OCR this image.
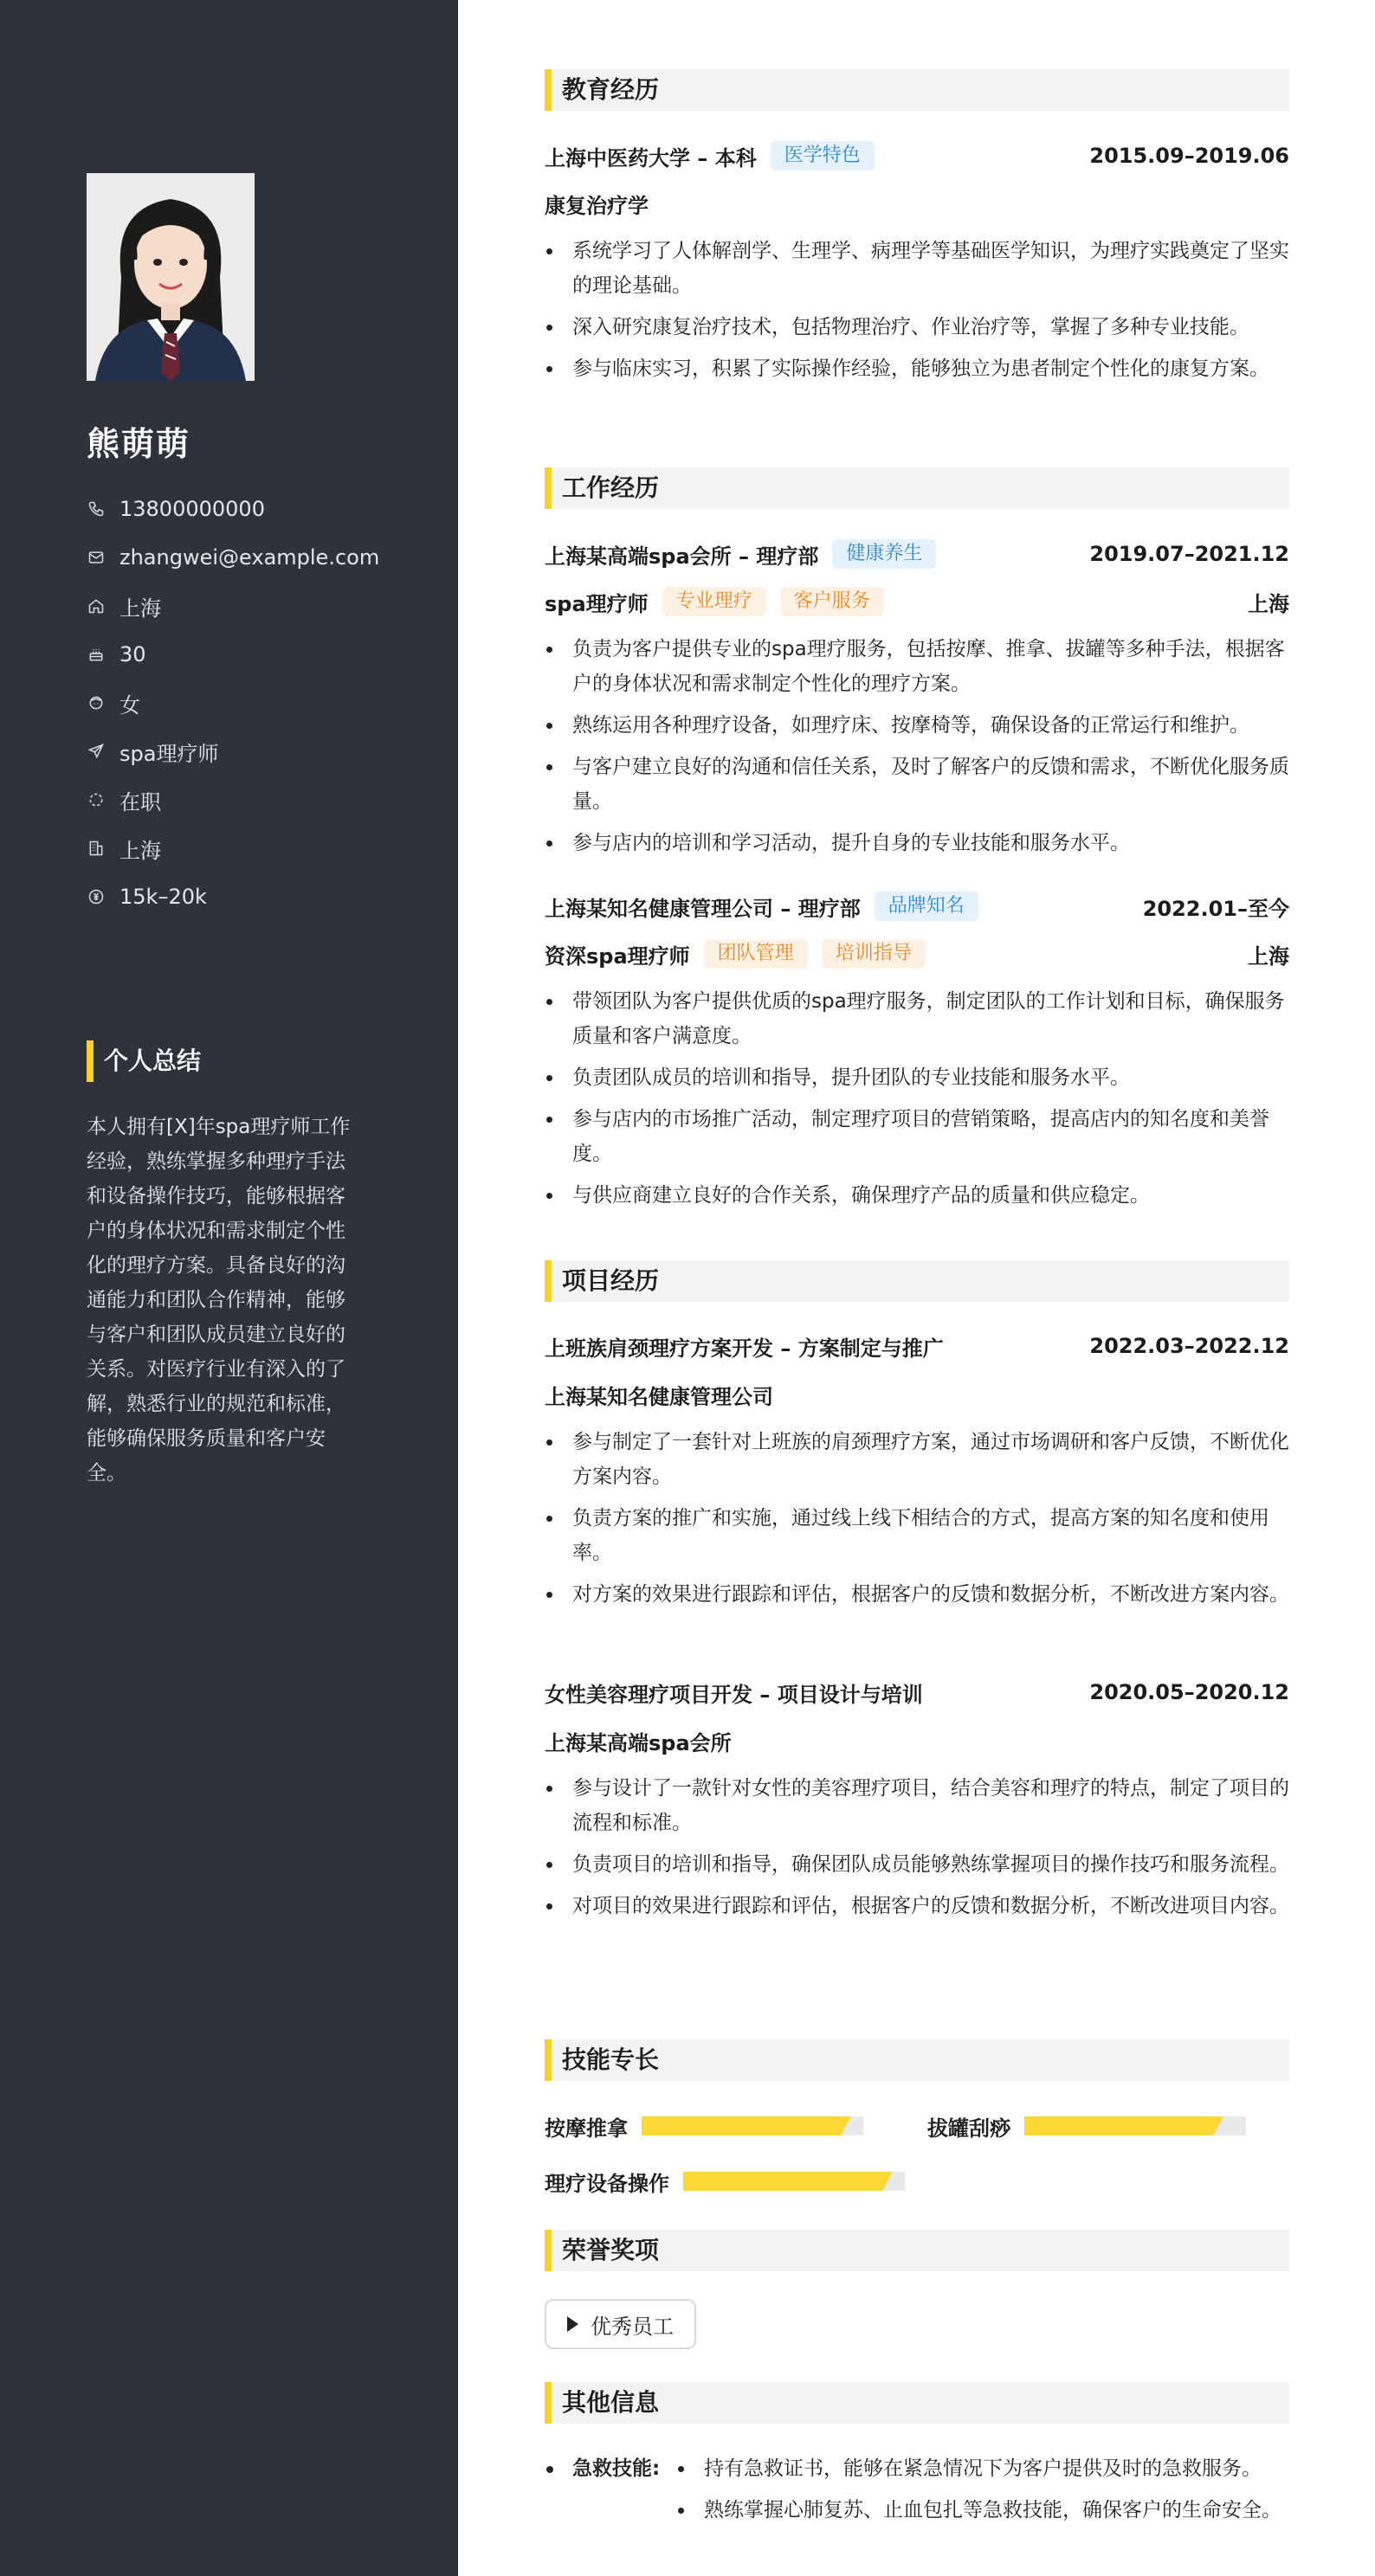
熊萌萌
13800000000
zhangwei@example.com
上海
30
女
spa理疗师
在职
上海
15k–20k
个人总结
本人拥有[X]年spa理疗师工作经验，熟练掌握多种理疗手法和设备操作技巧，能够根据客户的身体状况和需求制定个性化的理疗方案。具备良好的沟通能力和团队合作精神，能够与客户和团队成员建立良好的关系。对医疗行业有深入的了解，熟悉行业的规范和标准，能够确保服务质量和客户安全。
教育经历
上海中医药大学 – 本科	医学特色	2015.09–2019.06
康复治疗学
系统学习了人体解剖学、生理学、病理学等基础医学知识，为理疗实践奠定了坚实的理论基础。
深入研究康复治疗技术，包括物理治疗、作业治疗等，掌握了多种专业技能。
参与临床实习，积累了实际操作经验，能够独立为患者制定个性化的康复方案。
工作经历
上海某高端spa会所 – 理疗部	健康养生	2019.07–2021.12
spa理疗师	专业理疗	客户服务	上海
负责为客户提供专业的spa理疗服务，包括按摩、推拿、拔罐等多种手法，根据客户的身体状况和需求制定个性化的理疗方案。
熟练运用各种理疗设备，如理疗床、按摩椅等，确保设备的正常运行和维护。
与客户建立良好的沟通和信任关系，及时了解客户的反馈和需求，不断优化服务质量。
参与店内的培训和学习活动，提升自身的专业技能和服务水平。
上海某知名健康管理公司 – 理疗部	品牌知名	2022.01–至今
资深spa理疗师	团队管理	培训指导	上海
带领团队为客户提供优质的spa理疗服务，制定团队的工作计划和目标，确保服务质量和客户满意度。
负责团队成员的培训和指导，提升团队的专业技能和服务水平。
参与店内的市场推广活动，制定理疗项目的营销策略，提高店内的知名度和美誉度。
与供应商建立良好的合作关系，确保理疗产品的质量和供应稳定。
项目经历
上班族肩颈理疗方案开发 – 方案制定与推广	2022.03–2022.12
上海某知名健康管理公司
参与制定了一套针对上班族的肩颈理疗方案，通过市场调研和客户反馈，不断优化方案内容。
负责方案的推广和实施，通过线上线下相结合的方式，提高方案的知名度和使用率。
对方案的效果进行跟踪和评估，根据客户的反馈和数据分析，不断改进方案内容。
女性美容理疗项目开发 – 项目设计与培训	2020.05–2020.12
上海某高端spa会所
参与设计了一款针对女性的美容理疗项目，结合美容和理疗的特点，制定了项目的流程和标准。
负责项目的培训和指导，确保团队成员能够熟练掌握项目的操作技巧和服务流程。
对项目的效果进行跟踪和评估，根据客户的反馈和数据分析，不断改进项目内容。
技能专长
按摩推拿	拔罐刮痧
理疗设备操作
荣誉奖项
优秀员工
其他信息
急救技能:	持有急救证书，能够在紧急情况下为客户提供及时的急救服务。
熟练掌握心肺复苏、止血包扎等急救技能，确保客户的生命安全。
